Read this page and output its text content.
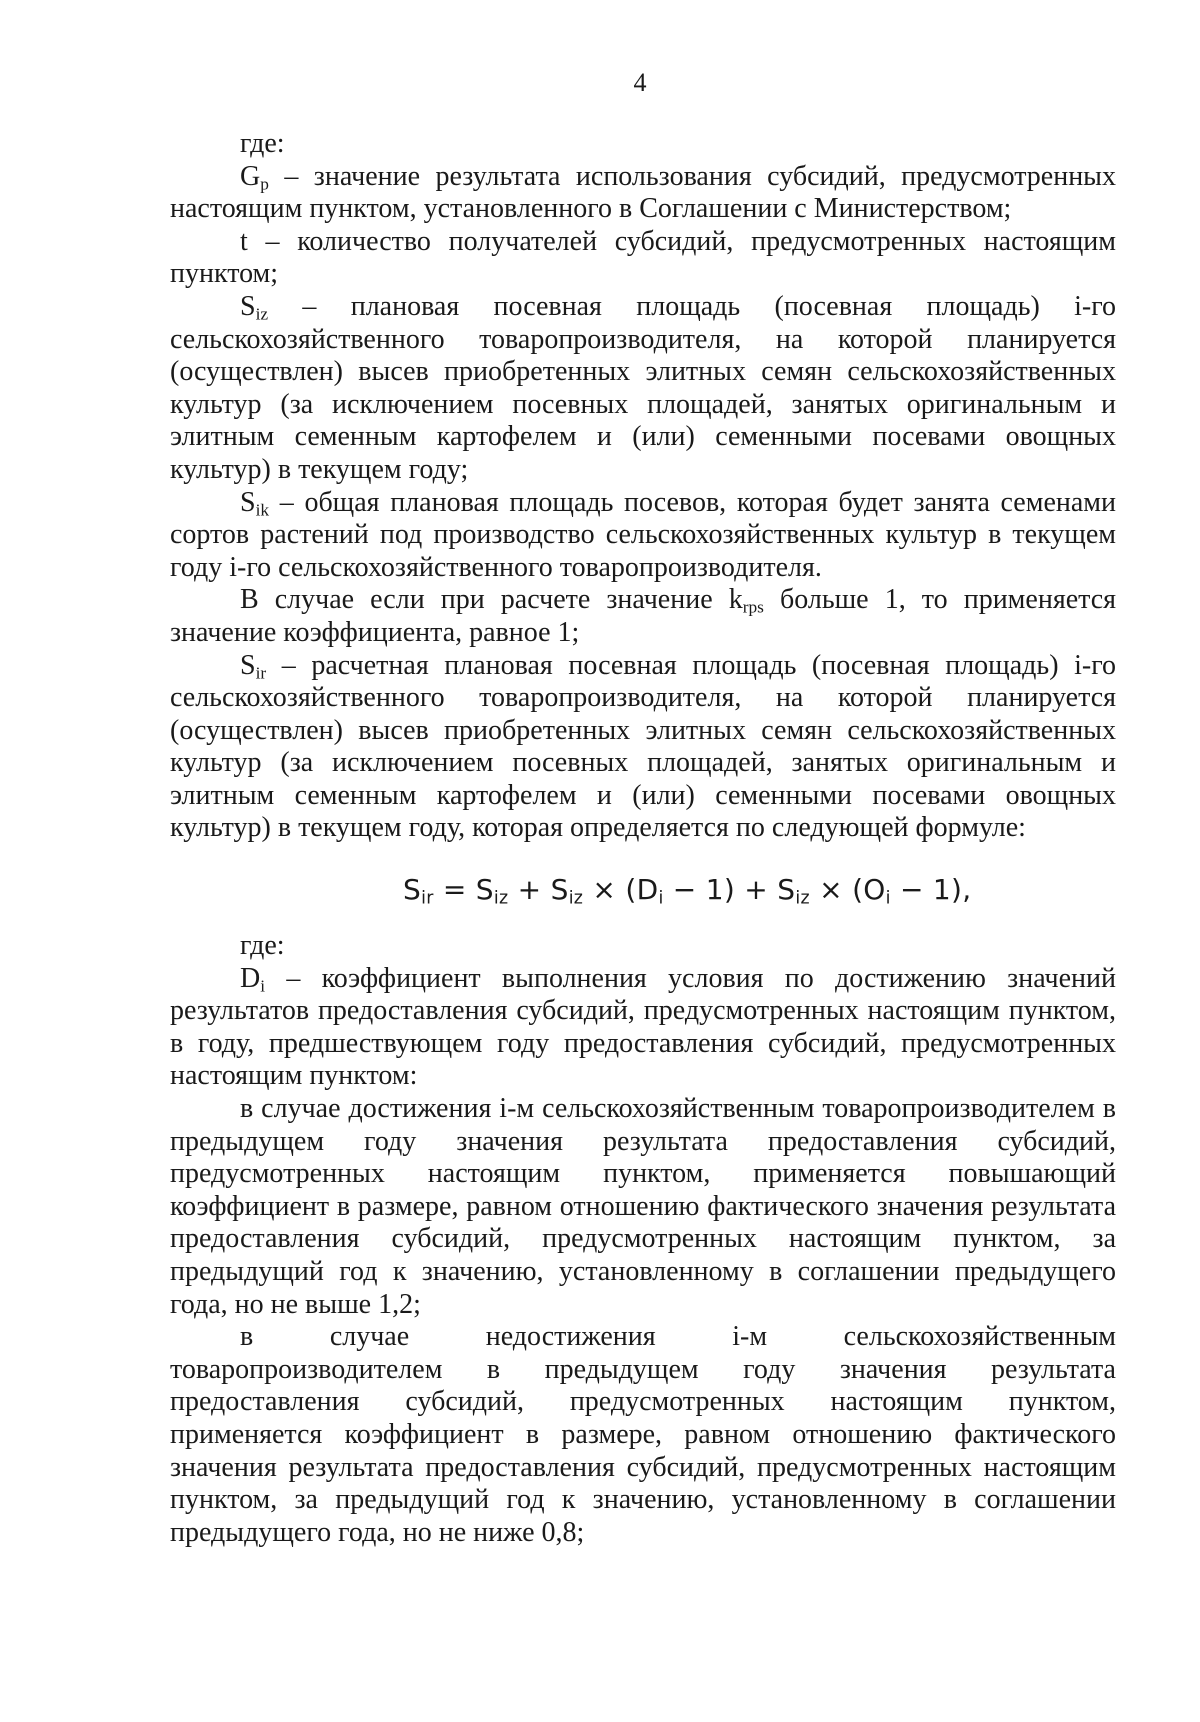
4

где:

$G_р$ – значение результата использования субсидий, предусмотренных настоящим пунктом, установленного в Соглашении с Министерством;

t – количество получателей субсидий, предусмотренных настоящим пунктом;

$S_{iz}$ – плановая посевная площадь (посевная площадь) i-го сельскохозяйственного товаропроизводителя, на которой планируется (осуществлен) высев приобретенных элитных семян сельскохозяйственных культур (за исключением посевных площадей, занятых оригинальным и элитным семенным картофелем и (или) семенными посевами овощных культур) в текущем году;

$S_{ik}$ – общая плановая площадь посевов, которая будет занята семенами сортов растений под производство сельскохозяйственных культур в текущем году i-го сельскохозяйственного товаропроизводителя.

В случае если при расчете значение $k_{rps}$ больше 1, то применяется значение коэффициента, равное 1;

$S_{ir}$ – расчетная плановая посевная площадь (посевная площадь) i-го сельскохозяйственного товаропроизводителя, на которой планируется (осуществлен) высев приобретенных элитных семян сельскохозяйственных культур (за исключением посевных площадей, занятых оригинальным и элитным семенным картофелем и (или) семенными посевами овощных культур) в текущем году, которая определяется по следующей формуле:

$S_{ir} = S_{iz} + S_{iz} \times (D_i - 1) + S_{iz} \times (O_i - 1)$,

где:

$D_i$ – коэффициент выполнения условия по достижению значений результатов предоставления субсидий, предусмотренных настоящим пунктом, в году, предшествующем году предоставления субсидий, предусмотренных настоящим пунктом:

в случае достижения i-м сельскохозяйственным товаропроизводителем в предыдущем году значения результата предоставления субсидий, предусмотренных настоящим пунктом, применяется повышающий коэффициент в размере, равном отношению фактического значения результата предоставления субсидий, предусмотренных настоящим пунктом, за предыдущий год к значению, установленному в соглашении предыдущего года, но не выше 1,2;

в случае недостижения i-м сельскохозяйственным товаропроизводителем в предыдущем году значения результата предоставления субсидий, предусмотренных настоящим пунктом, применяется коэффициент в размере, равном отношению фактического значения результата предоставления субсидий, предусмотренных настоящим пунктом, за предыдущий год к значению, установленному в соглашении предыдущего года, но не ниже 0,8;
